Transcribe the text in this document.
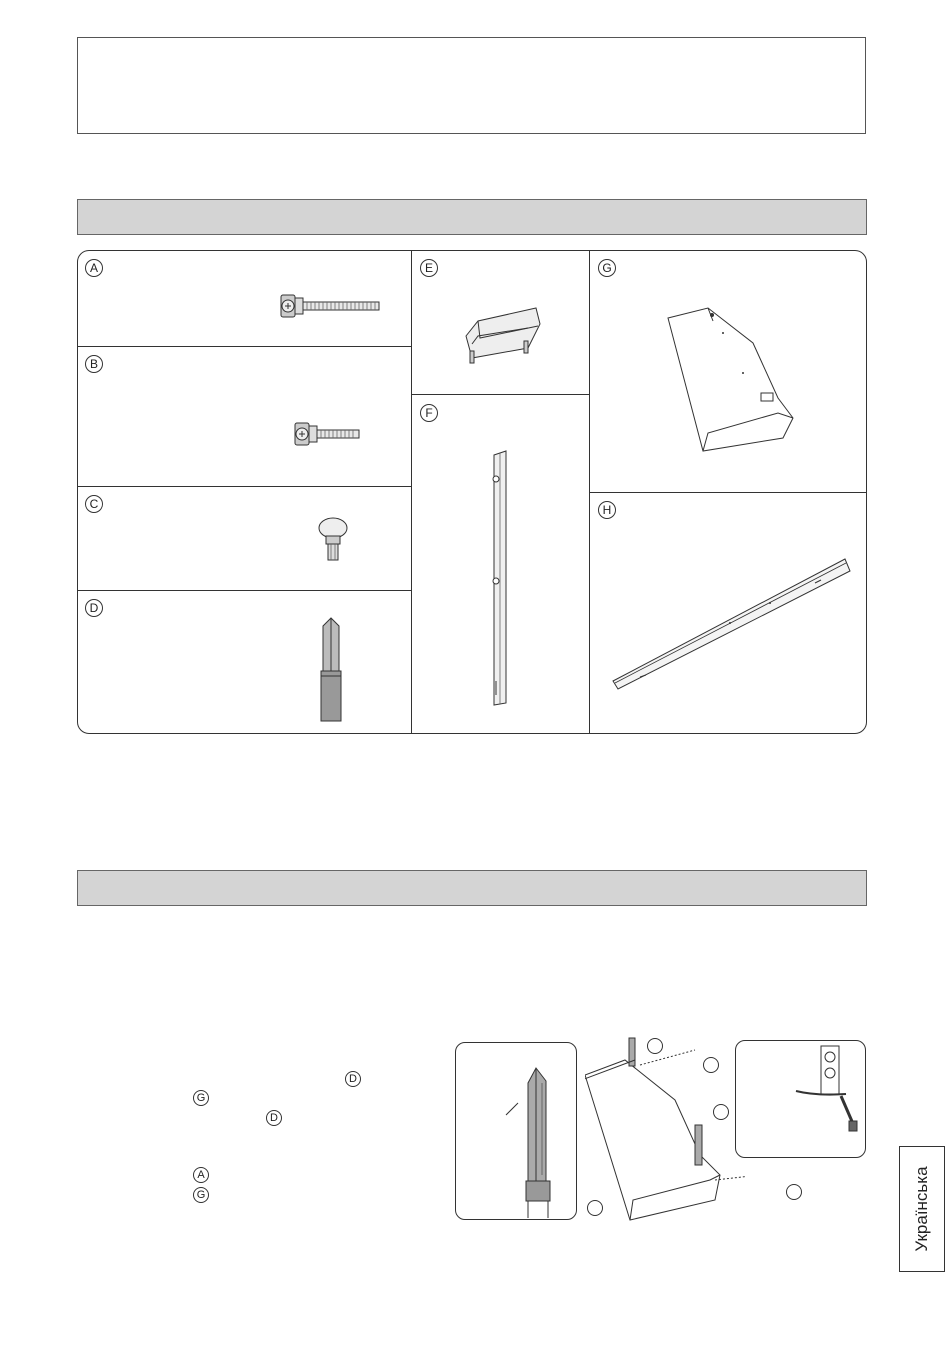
A
B
C
D
E
F
G
H
D
G
D
A
G	Українська
